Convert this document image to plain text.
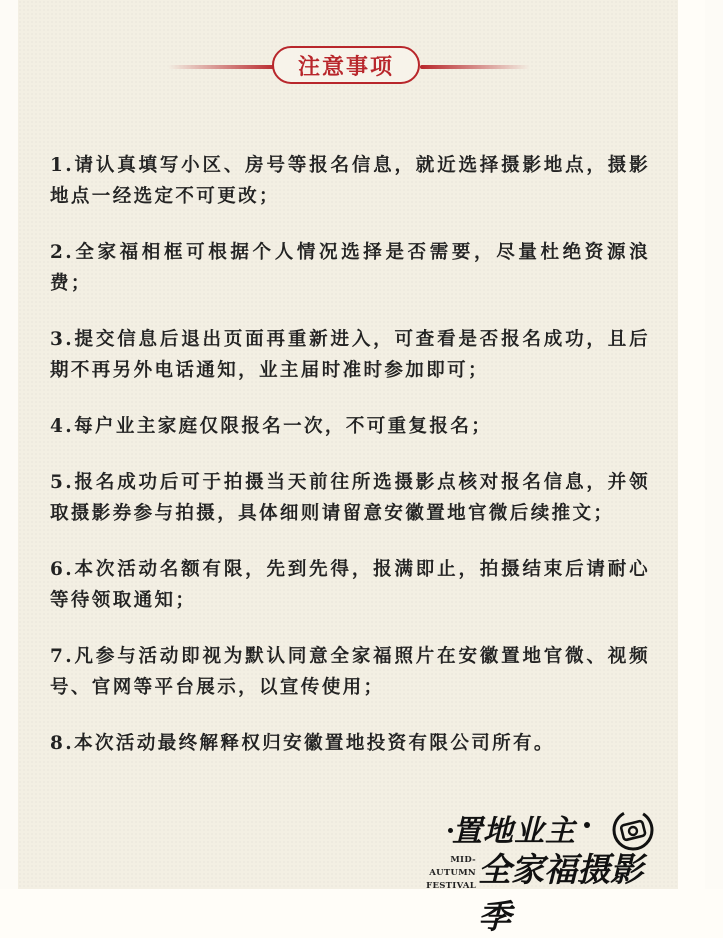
注意事项
1.请认真填写小区、房号等报名信息，就近选择摄影地点，摄影地点一经选定不可更改；
2.全家福相框可根据个人情况选择是否需要，尽量杜绝资源浪费；
3.提交信息后退出页面再重新进入，可查看是否报名成功，且后期不再另外电话通知，业主届时准时参加即可；
4.每户业主家庭仅限报名一次，不可重复报名；
5.报名成功后可于拍摄当天前往所选摄影点核对报名信息，并领取摄影券参与拍摄，具体细则请留意安徽置地官微后续推文；
6.本次活动名额有限，先到先得，报满即止，拍摄结束后请耐心等待领取通知；
7.凡参与活动即视为默认同意全家福照片在安徽置地官微、视频号、官网等平台展示，以宣传使用；
8.本次活动最终解释权归安徽置地投资有限公司所有。
置地业主
MID-AUTUMN
FESTIVAL 全家福摄影季
